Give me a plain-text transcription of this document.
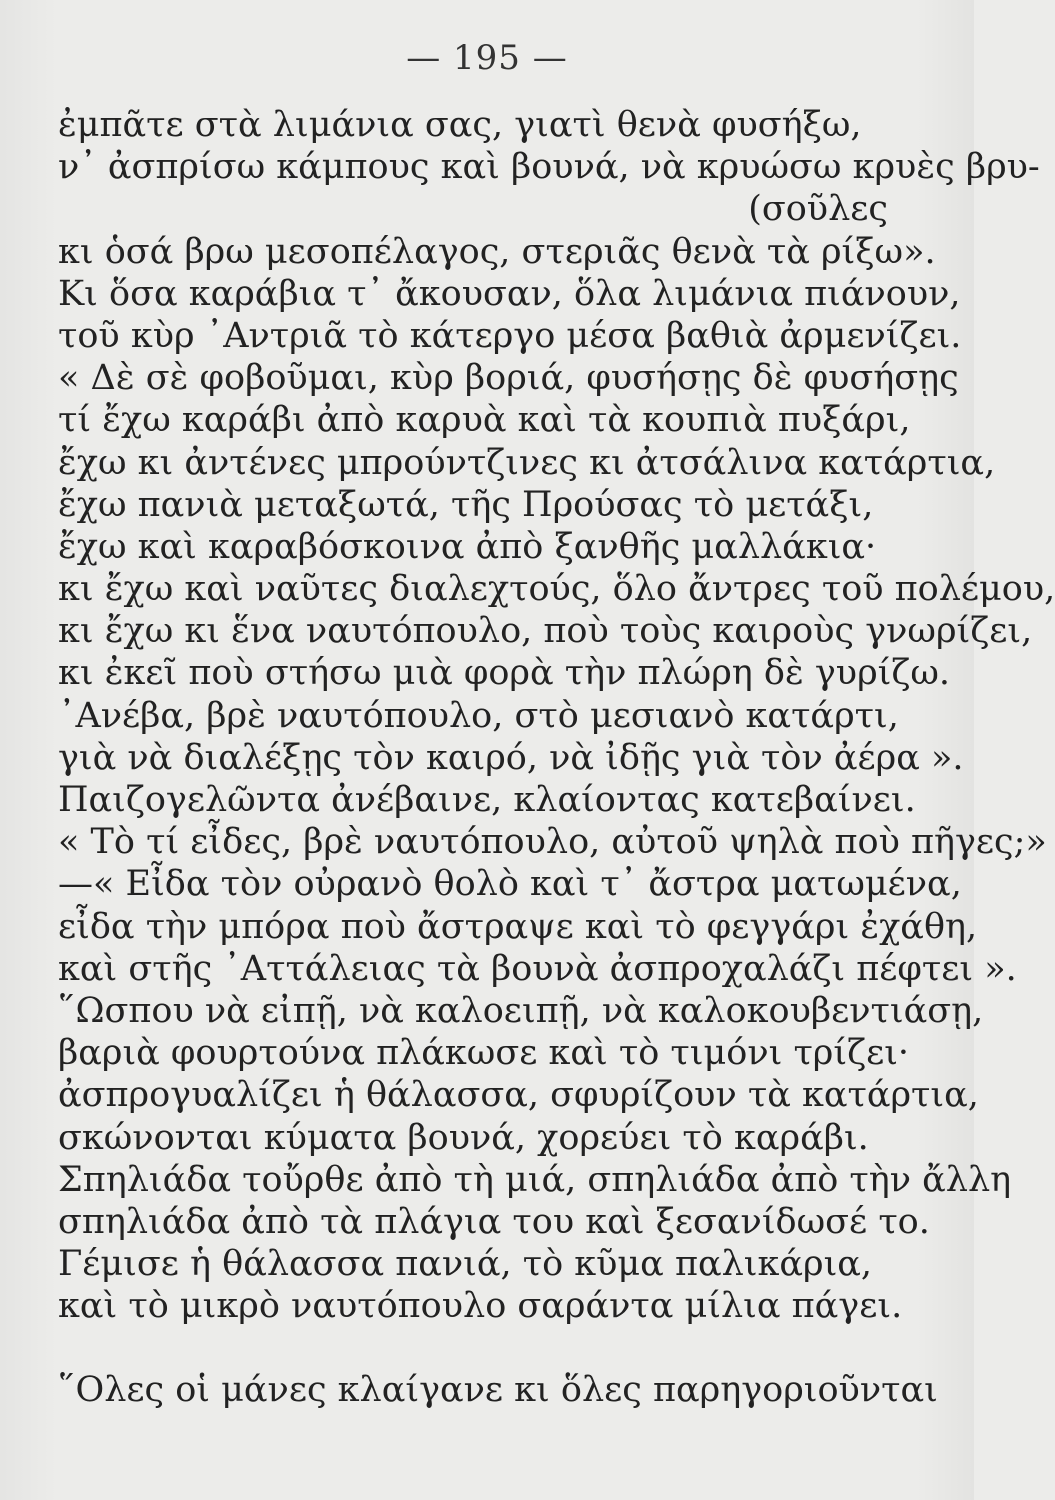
— 195 —
ἐμπᾶτε στὰ λιμάνια σας, γιατὶ θενὰ φυσήξω,
ν᾿ ἀσπρίσω κάμπους καὶ βουνά, νὰ κρυώσω κρυὲς βρυ-
(σοῦλες
κι ὁσά βρω μεσοπέλαγος, στεριᾶς θενὰ τὰ ρίξω».
Κι ὅσα καράβια τ᾿ ἄκουσαν, ὅλα λιμάνια πιάνουν,
τοῦ κὺρ ᾿Αντριᾶ τὸ κάτεργο μέσα βαθιὰ ἀρμενίζει.
« Δὲ σὲ φοβοῦμαι, κὺρ βοριά, φυσήσῃς δὲ φυσήσῃς
τί ἔχω καράβι ἀπὸ καρυὰ καὶ τὰ κουπιὰ πυξάρι,
ἔχω κι ἀντένες μπρούντζινες κι ἀτσάλινα κατάρτια,
ἔχω πανιὰ μεταξωτά, τῆς Προύσας τὸ μετάξι,
ἔχω καὶ καραβόσκοινα ἀπὸ ξανθῆς μαλλάκια·
κι ἔχω καὶ ναῦτες διαλεχτούς, ὅλο ἄντρες τοῦ πολέμου,
κι ἔχω κι ἕνα ναυτόπουλο, ποὺ τοὺς καιροὺς γνωρίζει,
κι ἐκεῖ ποὺ στήσω μιὰ φορὰ τὴν πλώρη δὲ γυρίζω.
᾿Ανέβα, βρὲ ναυτόπουλο, στὸ μεσιανὸ κατάρτι,
γιὰ νὰ διαλέξῃς τὸν καιρό, νὰ ἰδῇς γιὰ τὸν ἀέρα ».
Παιζογελῶντα ἀνέβαινε, κλαίοντας κατεβαίνει.
« Τὸ τί εἶδες, βρὲ ναυτόπουλο, αὐτοῦ ψηλὰ ποὺ πῆγες;»
—« Εἶδα τὸν οὐρανὸ θολὸ καὶ τ᾿ ἄστρα ματωμένα,
εἶδα τὴν μπόρα ποὺ ἄστραψε καὶ τὸ φεγγάρι ἐχάθη,
καὶ στῆς ᾿Αττάλειας τὰ βουνὰ ἀσπροχαλάζι πέφτει ».
῞Ωσπου νὰ εἰπῇ, νὰ καλοειπῇ, νὰ καλοκουβεντιάσῃ,
βαριὰ φουρτούνα πλάκωσε καὶ τὸ τιμόνι τρίζει·
ἀσπρογυαλίζει ἡ θάλασσα, σφυρίζουν τὰ κατάρτια,
σκώνονται κύματα βουνά, χορεύει τὸ καράβι.
Σπηλιάδα τοὔρθε ἀπὸ τὴ μιά, σπηλιάδα ἀπὸ τὴν ἄλλη
σπηλιάδα ἀπὸ τὰ πλάγια του καὶ ξεσανίδωσέ το.
Γέμισε ἡ θάλασσα πανιά, τὸ κῦμα παλικάρια,
καὶ τὸ μικρὸ ναυτόπουλο σαράντα μίλια πάγει.
῞Ολες οἱ μάνες κλαίγανε κι ὅλες παρηγοριοῦνται
